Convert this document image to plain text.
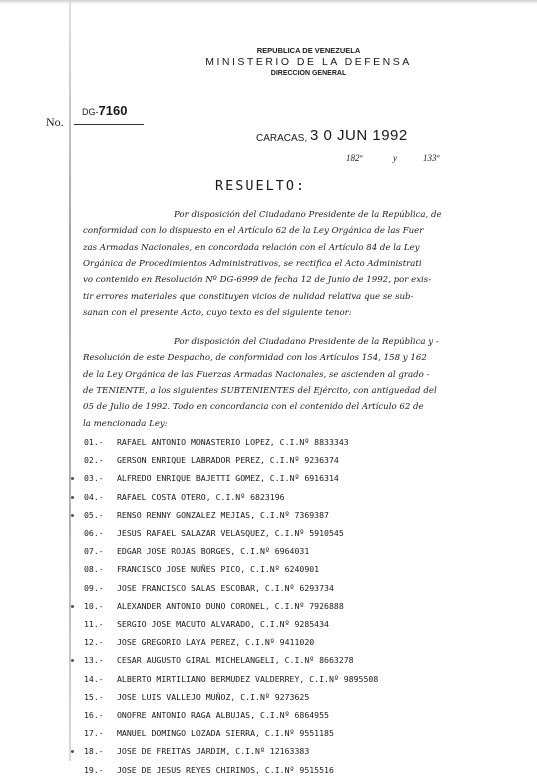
REPUBLICA DE VENEZUELA
MINISTERIO DE LA DEFENSA
DIRECCION GENERAL
No.
DG-7160
CARACAS, 3 0 JUN 1992
182º	y	133º
RESUELTO:
Por disposición del Ciudadano Presidente de la República, de
conformidad con lo dispuesto en el Artículo 62 de la Ley Orgánica de las Fuer
zas Armadas Nacionales, en concordada relación con el Artículo 84 de la Ley
Orgánica de Procedimientos Administrativos, se rectifica el Acto Administrati
vo contenido en Resolución Nº DG-6999 de fecha 12 de Junio de 1992, por exis-
tir errores materiales que constituyen vicios de nulidad relativa que se sub-
sanan con el presente Acto, cuyo texto es del siguiente tenor:
Por disposición del Ciudadano Presidente de la República y -
Resolución de este Despacho, de conformidad con los Artículos 154, 158 y 162
de la Ley Orgánica de las Fuerzas Armadas Nacionales, se ascienden al grado -
de TENIENTE, a los siguientes SUBTENIENTES del Ejército, con antiguedad del
05 de Julio de 1992. Todo en concordancia con el contenido del Artículo 62 de
la mencionada Ley:
01.- RAFAEL ANTONIO MONASTERIO LOPEZ, C.I.Nº 8833343
02.- GERSON ENRIQUE LABRADOR PEREZ, C.I.Nº 9236374
03.- ALFREDO ENRIQUE BAJETTI GOMEZ, C.I.Nº 6916314
04.- RAFAEL COSTA OTERO, C.I.Nº 6823196
05.- RENSO RENNY GONZALEZ MEJIAS, C.I.Nº 7369387
06.- JESUS RAFAEL SALAZAR VELASQUEZ, C.I.Nº 5910545
07.- EDGAR JOSE ROJAS BORGES, C.I.Nº 6964031
08.- FRANCISCO JOSE NUÑES PICO, C.I.Nº 6240901
09.- JOSE FRANCISCO SALAS ESCOBAR, C.I.Nº 6293734
10.- ALEXANDER ANTONIO DUNO CORONEL, C.I.Nº 7926888
11.- SERGIO JOSE MACUTO ALVARADO, C.I.Nº 9285434
12.- JOSE GREGORIO LAYA PEREZ, C.I.Nº 9411020
13.- CESAR AUGUSTO GIRAL MICHELANGELI, C.I.Nº 8663278
14.- ALBERTO MIRTILIANO BERMUDEZ VALDERREY, C.I.Nº 9895508
15.- JOSE LUIS VALLEJO MUÑOZ, C.I.Nº 9273625
16.- ONOFRE ANTONIO RAGA ALBUJAS, C.I.Nº 6864955
17.- MANUEL DOMINGO LOZADA SIERRA, C.I.Nº 9551185
18.- JOSE DE FREITAS JARDIM, C.I.Nº 12163383
19.- JOSE DE JESUS REYES CHIRINOS, C.I.Nº 9515516
